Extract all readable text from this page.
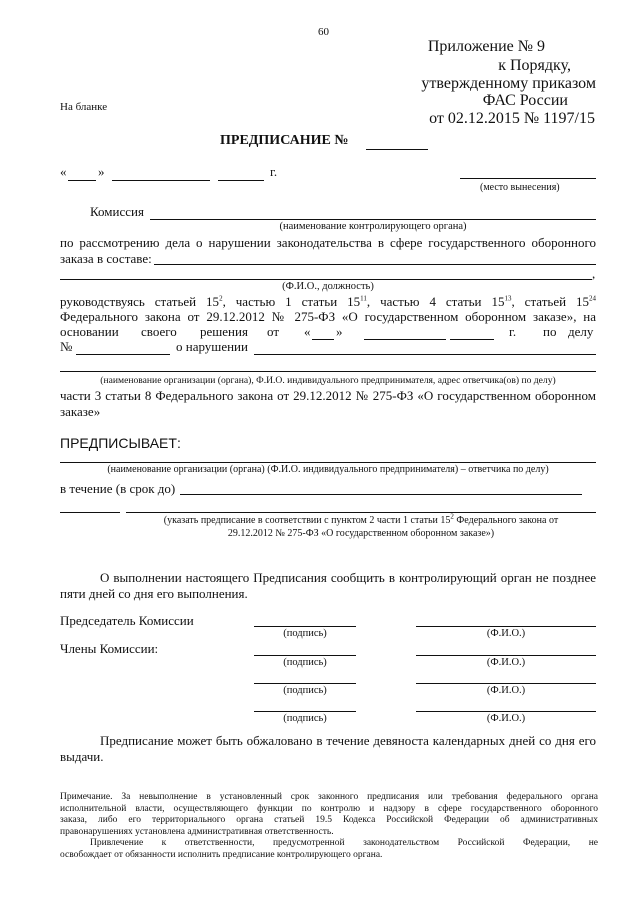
60
Приложение № 9
к Порядку,
утвержденному приказом
ФАС России
от 02.12.2015 № 1197/15
На бланке
ПРЕДПИСАНИЕ №
« »	г.
(место вынесения)
Комиссия
(наименование контролирующего органа)
по рассмотрению дела о нарушении законодательства в сфере государственного оборонного
заказа в составе:
,
(Ф.И.О., должность)
руководствуясь статьей $15^2$, частью 1 статьи $15^{11}$, частью 4 статьи $15^{13}$, статьей $15^{24}$
Федерального закона от 29.12.2012 № 275-ФЗ «О государственном оборонном заказе», на
основании своего решения от « »	г. по делу
№	о нарушении
(наименование организации (органа), Ф.И.О. индивидуального предпринимателя, адрес ответчика(ов) по делу)
части 3 статьи 8 Федерального закона от 29.12.2012 № 275-ФЗ «О государственном оборонном
заказе»
ПРЕДПИСЫВАЕТ:
(наименование организации (органа) (Ф.И.О. индивидуального предпринимателя) – ответчика по делу)
в течение (в срок до)
(указать предписание в соответствии с пунктом 2 части 1 статьи $15^2$ Федерального закона от
29.12.2012 № 275-ФЗ «О государственном оборонном заказе»)
О выполнении настоящего Предписания сообщить в контролирующий орган не позднее
пяти дней со дня его выполнения.
Председатель Комиссии
(подпись)	(Ф.И.О.)
Члены Комиссии:
(подпись)	(Ф.И.О.)
(подпись)	(Ф.И.О.)
(подпись)	(Ф.И.О.)
Предписание может быть обжаловано в течение девяноста календарных дней со дня его
выдачи.
Примечание. За невыполнение в установленный срок законного предписания или требования федерального органа
исполнительной власти, осуществляющего функции по контролю и надзору в сфере государственного оборонного
заказа, либо его территориального органа статьей 19.5 Кодекса Российской Федерации об административных
правонарушениях установлена административная ответственность.
Привлечение к ответственности, предусмотренной законодательством Российской Федерации, не
освобождает от обязанности исполнить предписание контролирующего органа.
